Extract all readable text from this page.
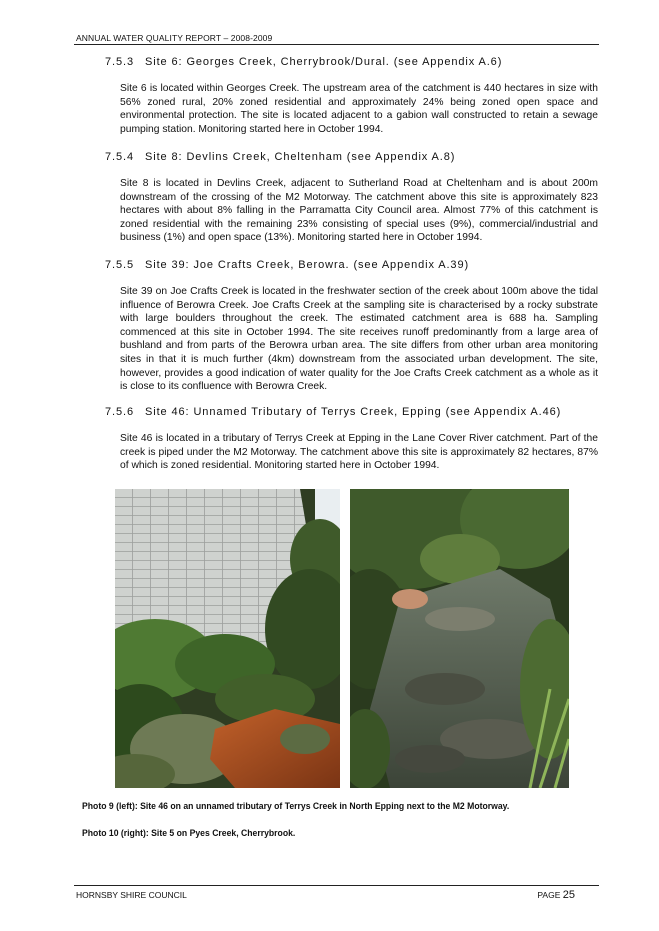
ANNUAL WATER QUALITY REPORT – 2008-2009
7.5.3 Site 6: Georges Creek, Cherrybrook/Dural. (see Appendix A.6)

Site 6 is located within Georges Creek. The upstream area of the catchment is 440 hectares in size with 56% zoned rural, 20% zoned residential and approximately 24% being zoned open space and environmental protection. The site is located adjacent to a gabion wall constructed to retain a sewage pumping station. Monitoring started here in October 1994.

7.5.4 Site 8: Devlins Creek, Cheltenham (see Appendix A.8)

Site 8 is located in Devlins Creek, adjacent to Sutherland Road at Cheltenham and is about 200m downstream of the crossing of the M2 Motorway. The catchment above this site is approximately 823 hectares with about 8% falling in the Parramatta City Council area. Almost 77% of this catchment is zoned residential with the remaining 23% consisting of special uses (9%), commercial/industrial and business (1%) and open space (13%). Monitoring started here in October 1994.

7.5.5 Site 39: Joe Crafts Creek, Berowra. (see Appendix A.39)

Site 39 on Joe Crafts Creek is located in the freshwater section of the creek about 100m above the tidal influence of Berowra Creek. Joe Crafts Creek at the sampling site is characterised by a rocky substrate with large boulders throughout the creek. The estimated catchment area is 688 ha. Sampling commenced at this site in October 1994. The site receives runoff predominantly from a large area of bushland and from parts of the Berowra urban area. The site differs from other urban area monitoring sites in that it is much further (4km) downstream from the associated urban development. The site, however, provides a good indication of water quality for the Joe Crafts Creek catchment as a whole as it is close to its confluence with Berowra Creek.

7.5.6 Site 46: Unnamed Tributary of Terrys Creek, Epping (see Appendix A.46)

Site 46 is located in a tributary of Terrys Creek at Epping in the Lane Cover River catchment. Part of the creek is piped under the M2 Motorway. The catchment above this site is approximately 82 hectares, 87% of which is zoned residential. Monitoring started here in October 1994.

Photo 9 (left): Site 46 on an unnamed tributary of Terrys Creek in North Epping next to the M2 Motorway.
Photo 10 (right): Site 5 on Pyes Creek, Cherrybrook.
HORNSBY SHIRE COUNCIL	PAGE 25
